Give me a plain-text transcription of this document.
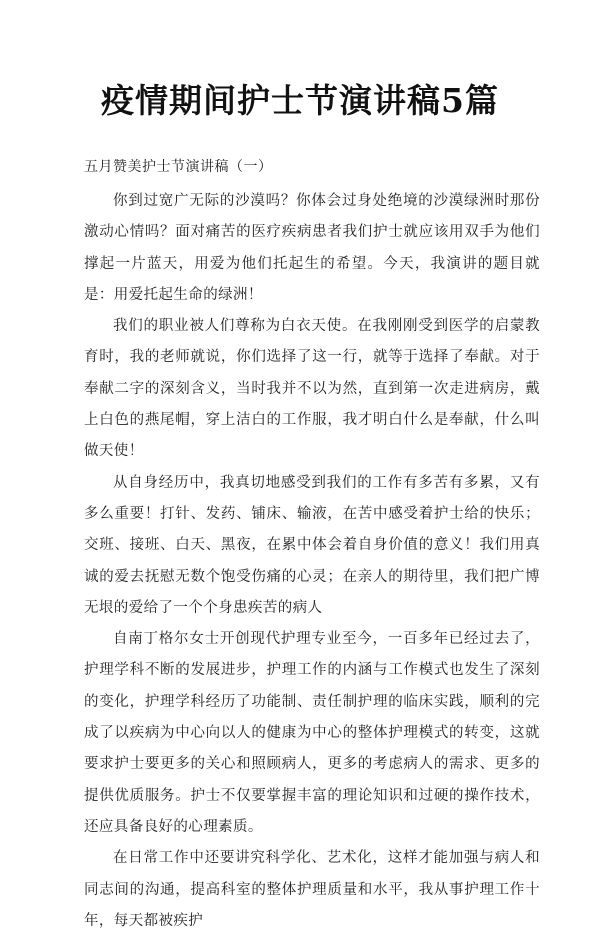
疫情期间护士节演讲稿5篇
五月赞美护士节演讲稿（一）

你到过宽广无际的沙漠吗？你体会过身处绝境的沙漠绿洲时那份激动心情吗？面对痛苦的医疗疾病患者我们护士就应该用双手为他们撑起一片蓝天，用爱为他们托起生的希望。今天，我演讲的题目就是：用爱托起生命的绿洲！

我们的职业被人们尊称为白衣天使。在我刚刚受到医学的启蒙教育时，我的老师就说，你们选择了这一行，就等于选择了奉献。对于奉献二字的深刻含义，当时我并不以为然，直到第一次走进病房，戴上白色的燕尾帽，穿上洁白的工作服，我才明白什么是奉献，什么叫做天使！

从自身经历中，我真切地感受到我们的工作有多苦有多累，又有多么重要！打针、发药、铺床、输液，在苦中感受着护士给的快乐；交班、接班、白天、黑夜，在累中体会着自身价值的意义！我们用真诚的爱去抚慰无数个饱受伤痛的心灵；在亲人的期待里，我们把广博无垠的爱给了一个个身患疾苦的病人

自南丁格尔女士开创现代护理专业至今，一百多年已经过去了，护理学科不断的发展进步，护理工作的内涵与工作模式也发生了深刻的变化，护理学科经历了功能制、责任制护理的临床实践，顺利的完成了以疾病为中心向以人的健康为中心的整体护理模式的转变，这就要求护士要更多的关心和照顾病人，更多的考虑病人的需求、更多的提供优质服务。护士不仅要掌握丰富的理论知识和过硬的操作技术，还应具备良好的心理素质。

在日常工作中还要讲究科学化、艺术化，这样才能加强与病人和同志间的沟通，提高科室的整体护理质量和水平，我从事护理工作十年，每天都被疾护
